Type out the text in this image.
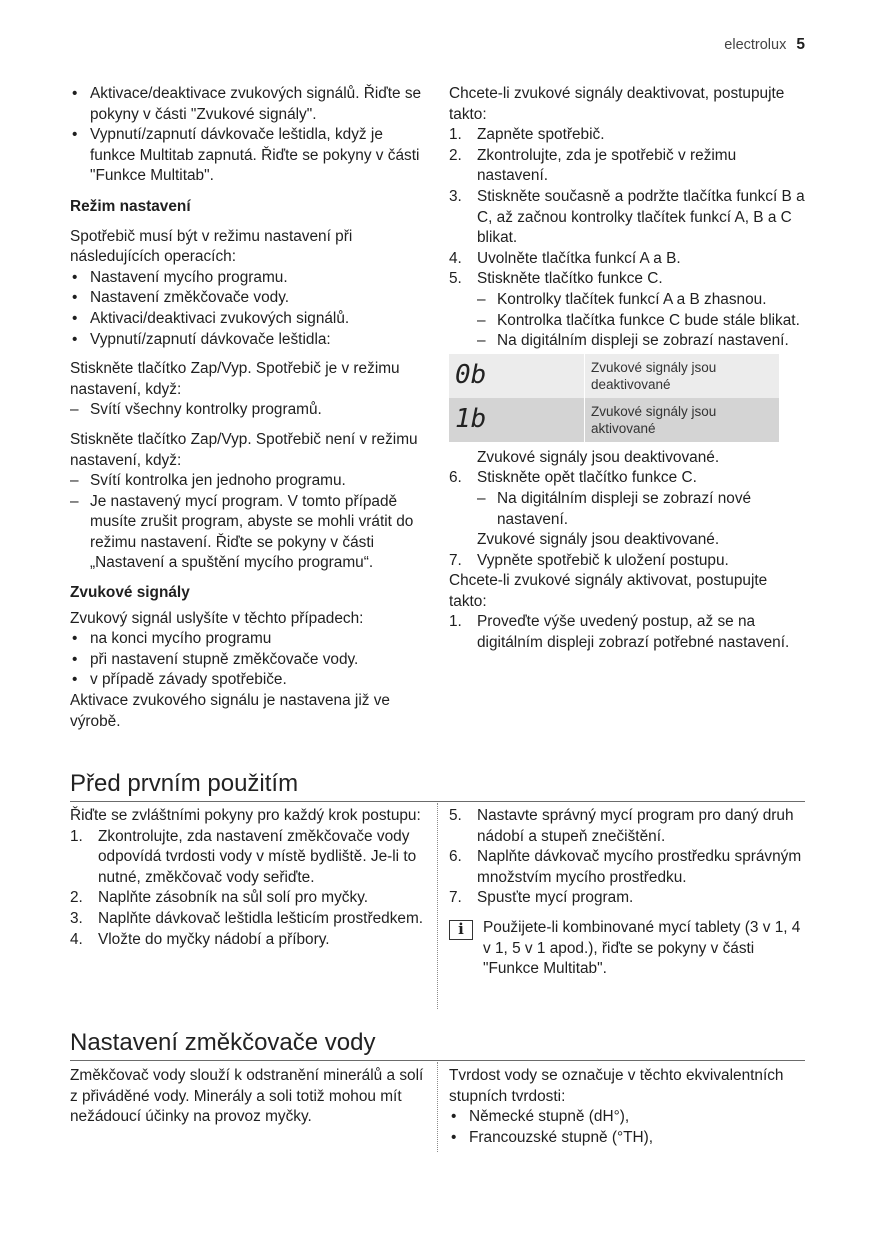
electrolux 5

• Aktivace/deaktivace zvukových signálů. Řiďte se pokyny v části "Zvukové signály".

• Vypnutí/zapnutí dávkovače leštidla, když je funkce Multitab zapnutá. Řiďte se pokyny v části "Funkce Multitab".

Režim nastavení

Spotřebič musí být v režimu nastavení při následujících operacích:

• Nastavení mycího programu.

• Nastavení změkčovače vody.

• Aktivaci/deaktivaci zvukových signálů.

• Vypnutí/zapnutí dávkovače leštidla:

Stiskněte tlačítko Zap/Vyp. Spotřebič je v režimu nastavení, když:

– Svítí všechny kontrolky programů.

Stiskněte tlačítko Zap/Vyp. Spotřebič není v režimu nastavení, když:

– Svítí kontrolka jen jednoho programu.

– Je nastavený mycí program. V tomto případě musíte zrušit program, abyste se mohli vrátit do režimu nastavení. Řiďte se pokyny v části „Nastavení a spuštění mycího programu“.

Zvukové signály

Zvukový signál uslyšíte v těchto případech:

• na konci mycího programu

• při nastavení stupně změkčovače vody.

• v případě závady spotřebiče.

Aktivace zvukového signálu je nastavena již ve výrobě.

Chcete-li zvukové signály deaktivovat, postupujte takto:

1. Zapněte spotřebič.

2. Zkontrolujte, zda je spotřebič v režimu nastavení.

3. Stiskněte současně a podržte tlačítka funkcí B a C, až začnou kontrolky tlačítek funkcí A, B a C blikat.

4. Uvolněte tlačítka funkcí A a B.

5. Stiskněte tlačítko funkce C.

– Kontrolky tlačítek funkcí A a B zhasnou.

– Kontrolka tlačítka funkce C bude stále blikat.

– Na digitálním displeji se zobrazí nastavení.

0b	Zvukové signály jsou deaktivované
1b	Zvukové signály jsou aktivované

Zvukové signály jsou deaktivované.

6. Stiskněte opět tlačítko funkce C.

– Na digitálním displeji se zobrazí nové nastavení.

Zvukové signály jsou deaktivované.

7. Vypněte spotřebič k uložení postupu.

Chcete-li zvukové signály aktivovat, postupujte takto:

1. Proveďte výše uvedený postup, až se na digitálním displeji zobrazí potřebné nastavení.

Před prvním použitím

Řiďte se zvláštními pokyny pro každý krok postupu:

1. Zkontrolujte, zda nastavení změkčovače vody odpovídá tvrdosti vody v místě bydliště. Je-li to nutné, změkčovač vody seřiďte.

2. Naplňte zásobník na sůl solí pro myčky.

3. Naplňte dávkovač leštidla lešticím prostředkem.

4. Vložte do myčky nádobí a příbory.

5. Nastavte správný mycí program pro daný druh nádobí a stupeň znečištění.

6. Naplňte dávkovač mycího prostředku správným množstvím mycího prostředku.

7. Spusťte mycí program.

i	Použijete-li kombinované mycí tablety (3 v 1, 4 v 1, 5 v 1 apod.), řiďte se pokyny v části "Funkce Multitab".

Nastavení změkčovače vody

Změkčovač vody slouží k odstranění minerálů a solí z přiváděné vody. Minerály a soli totiž mohou mít nežádoucí účinky na provoz myčky.

Tvrdost vody se označuje v těchto ekvivalentních stupních tvrdosti:

• Německé stupně (dH°),

• Francouzské stupně (°TH),
